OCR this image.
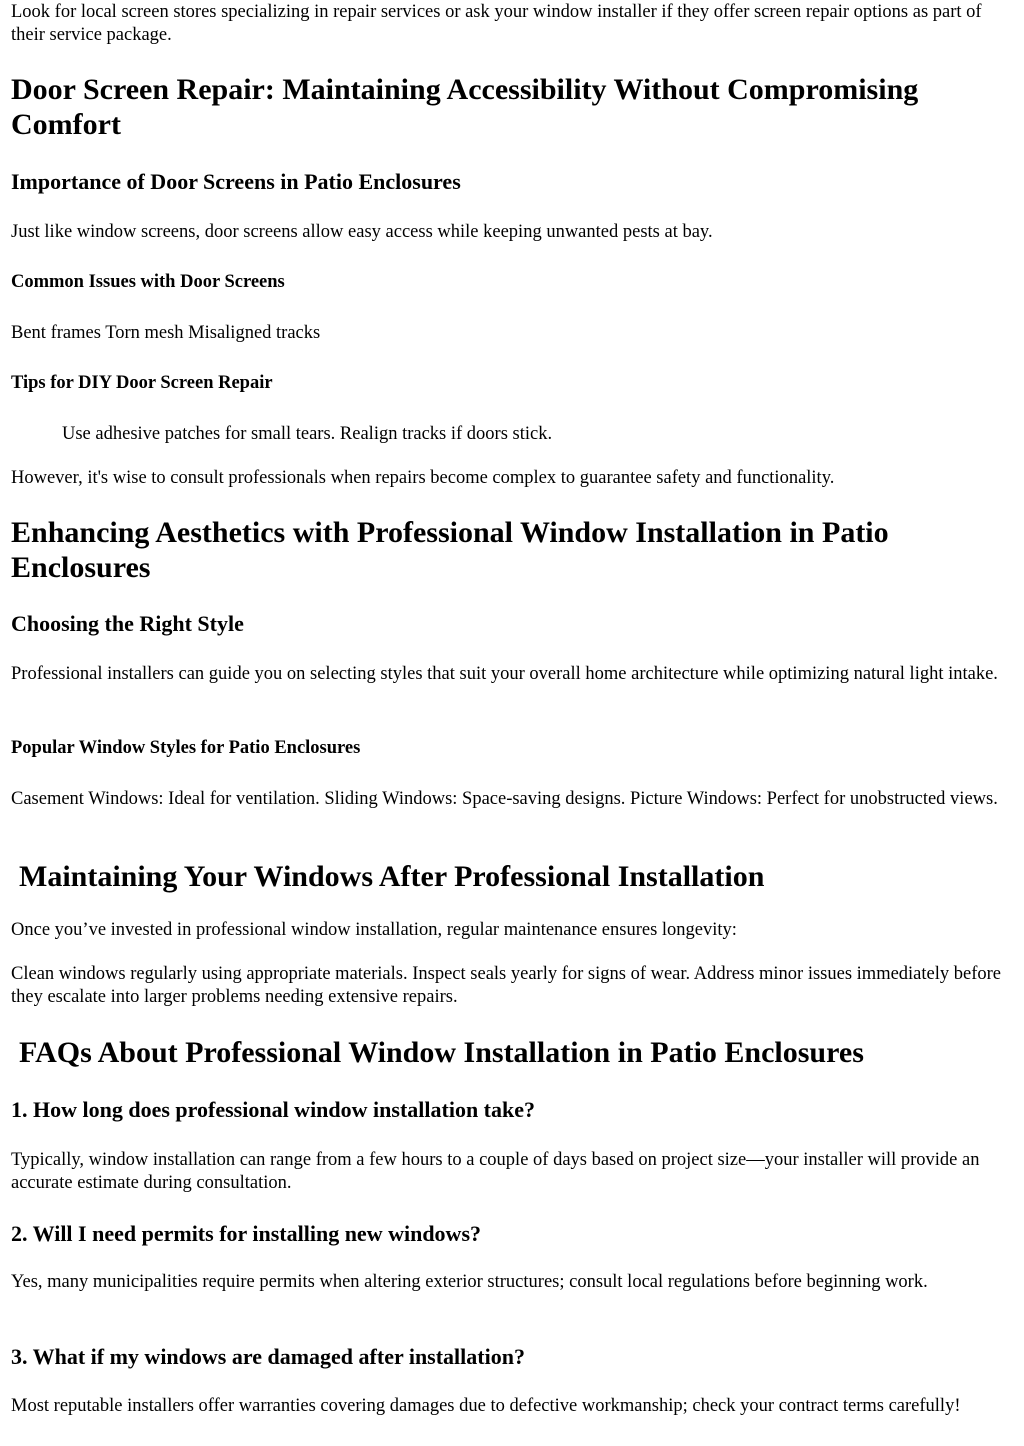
Look for local screen stores specializing in repair services or ask your window installer if they offer screen repair options as part of their service package.

Door Screen Repair: Maintaining Accessibility Without Compromising Comfort
Importance of Door Screens in Patio Enclosures

Just like window screens, door screens allow easy access while keeping unwanted pests at bay.

Common Issues with Door Screens

Bent frames Torn mesh Misaligned tracks

Tips for DIY Door Screen Repair

Use adhesive patches for small tears. Realign tracks if doors stick.

However, it's wise to consult professionals when repairs become complex to guarantee safety and functionality.

Enhancing Aesthetics with Professional Window Installation in Patio Enclosures
Choosing the Right Style

Professional installers can guide you on selecting styles that suit your overall home architecture while optimizing natural light intake.

Popular Window Styles for Patio Enclosures

Casement Windows: Ideal for ventilation. Sliding Windows: Space-saving designs. Picture Windows: Perfect for unobstructed views.

Maintaining Your Windows After Professional Installation

Once you’ve invested in professional window installation, regular maintenance ensures longevity:

Clean windows regularly using appropriate materials. Inspect seals yearly for signs of wear. Address minor issues immediately before they escalate into larger problems needing extensive repairs.

FAQs About Professional Window Installation in Patio Enclosures
1. How long does professional window installation take?

Typically, window installation can range from a few hours to a couple of days based on project size—your installer will provide an accurate estimate during consultation.

2. Will I need permits for installing new windows?

Yes, many municipalities require permits when altering exterior structures; consult local regulations before beginning work.

3. What if my windows are damaged after installation?

Most reputable installers offer warranties covering damages due to defective workmanship; check your contract terms carefully!
